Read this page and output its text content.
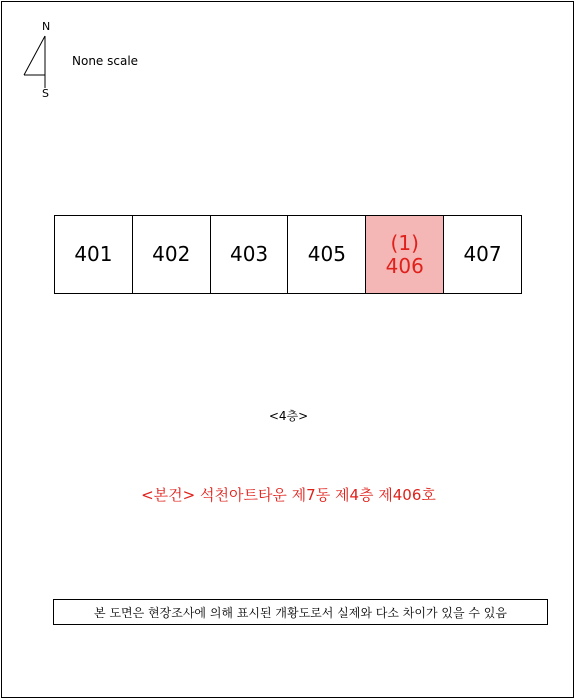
N
S
None scale
401 402 403 405 (1)
406 407
<4층>
<본건> 석천아트타운 제7동 제4층 제406호
본 도면은 현장조사에 의해 표시된 개황도로서 실제와 다소 차이가 있을 수 있음
